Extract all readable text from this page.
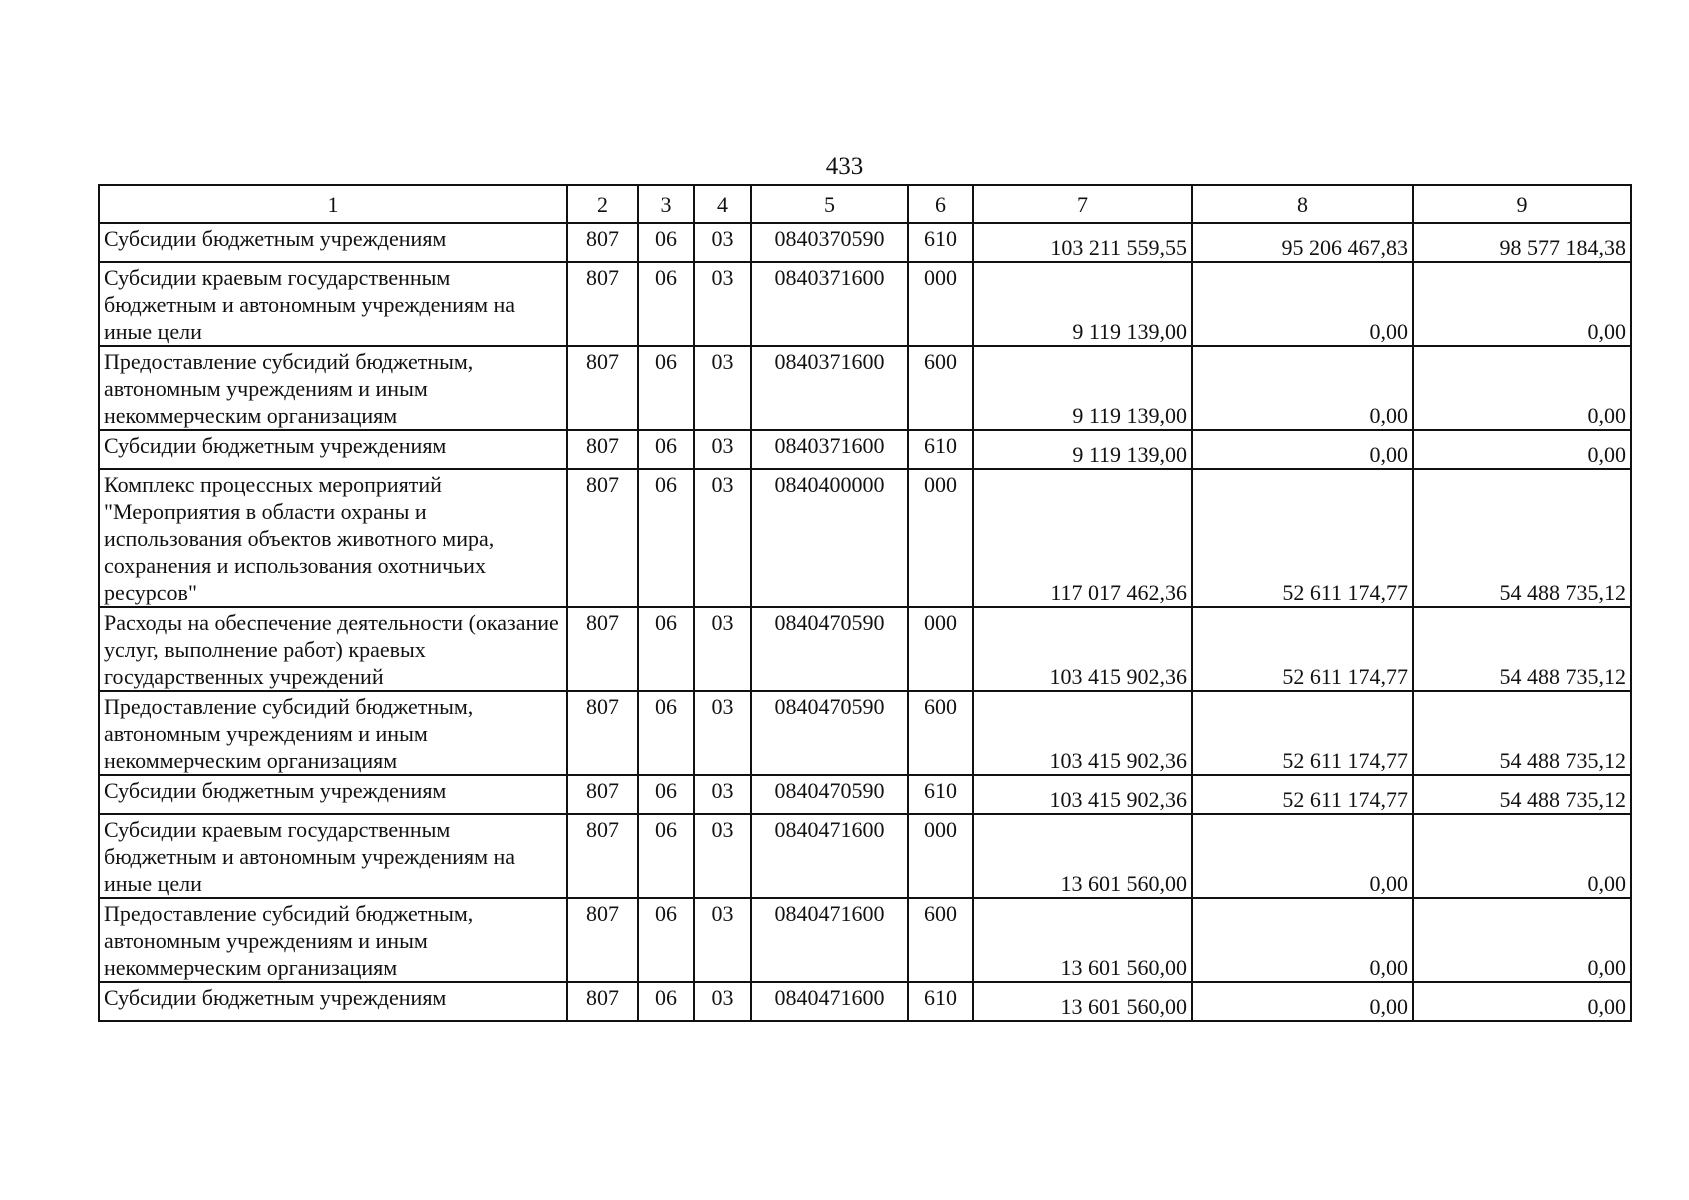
433
1	2	3	4	5	6	7	8	9
Субсидии бюджетным учреждениям	807	06	03	0840370590	610	103 211 559,55	95 206 467,83	98 577 184,38
Субсидии краевым государственным бюджетным и автономным учреждениям на иные цели	807	06	03	0840371600	000	9 119 139,00	0,00	0,00
Предоставление субсидий бюджетным, автономным учреждениям и иным некоммерческим организациям	807	06	03	0840371600	600	9 119 139,00	0,00	0,00
Субсидии бюджетным учреждениям	807	06	03	0840371600	610	9 119 139,00	0,00	0,00
Комплекс процессных мероприятий "Мероприятия в области охраны и использования объектов животного мира, сохранения и использования охотничьих ресурсов"	807	06	03	0840400000	000	117 017 462,36	52 611 174,77	54 488 735,12
Расходы на обеспечение деятельности (оказание услуг, выполнение работ) краевых государственных учреждений	807	06	03	0840470590	000	103 415 902,36	52 611 174,77	54 488 735,12
Предоставление субсидий бюджетным, автономным учреждениям и иным некоммерческим организациям	807	06	03	0840470590	600	103 415 902,36	52 611 174,77	54 488 735,12
Субсидии бюджетным учреждениям	807	06	03	0840470590	610	103 415 902,36	52 611 174,77	54 488 735,12
Субсидии краевым государственным бюджетным и автономным учреждениям на иные цели	807	06	03	0840471600	000	13 601 560,00	0,00	0,00
Предоставление субсидий бюджетным, автономным учреждениям и иным некоммерческим организациям	807	06	03	0840471600	600	13 601 560,00	0,00	0,00
Субсидии бюджетным учреждениям	807	06	03	0840471600	610	13 601 560,00	0,00	0,00
